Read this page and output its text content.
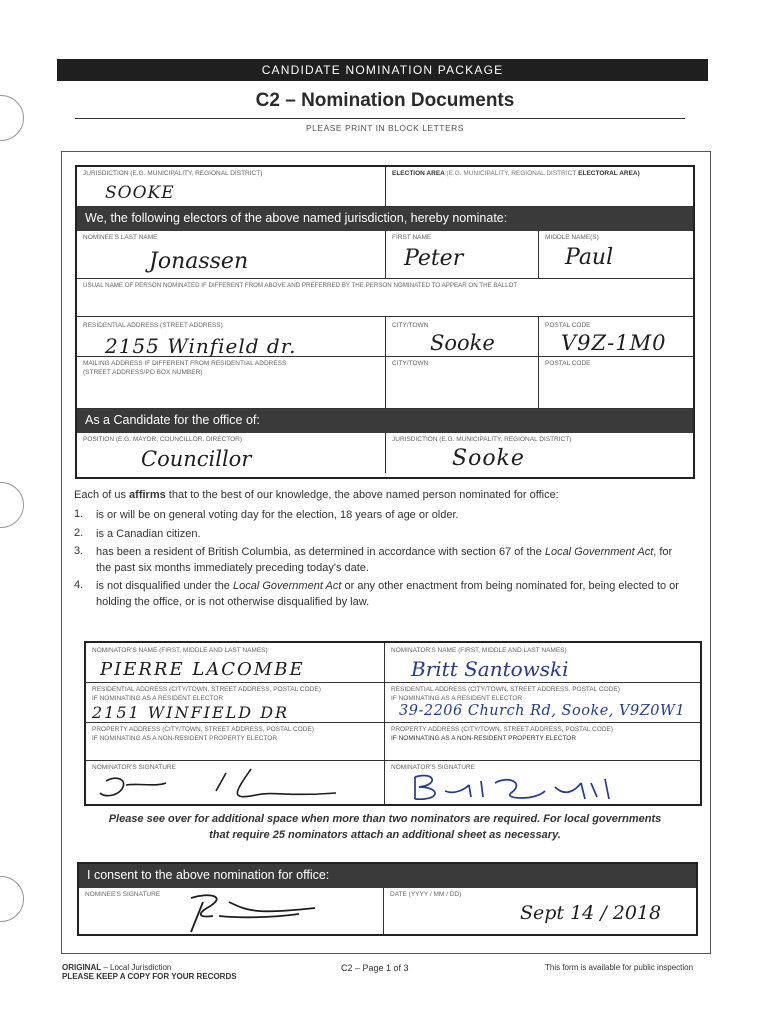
CANDIDATE NOMINATION PACKAGE
C2 – Nomination Documents
PLEASE PRINT IN BLOCK LETTERS
JURISDICTION (E.G. MUNICIPALITY, REGIONAL DISTRICT)
SOOKE
ELECTION AREA (E.G. MUNICIPALITY, REGIONAL DISTRICT ELECTORAL AREA)
We, the following electors of the above named jurisdiction, hereby nominate:
NOMINEE'S LAST NAME
Jonassen
FIRST NAME
Peter
MIDDLE NAME(S)
Paul
USUAL NAME OF PERSON NOMINATED IF DIFFERENT FROM ABOVE AND PREFERRED BY THE PERSON NOMINATED TO APPEAR ON THE BALLOT
RESIDENTIAL ADDRESS (STREET ADDRESS)
2155 Winfield dr.
CITY/TOWN
Sooke
POSTAL CODE
V9Z-1M0
MAILING ADDRESS IF DIFFERENT FROM RESIDENTIAL ADDRESS
(STREET ADDRESS/PO BOX NUMBER)
CITY/TOWN	POSTAL CODE
As a Candidate for the office of:
POSITION (E.G. MAYOR, COUNCILLOR, DIRECTOR)
Councillor
JURISDICTION (E.G. MUNICIPALITY, REGIONAL DISTRICT)
Sooke
Each of us affirms that to the best of our knowledge, the above named person nominated for office:
1. is or will be on general voting day for the election, 18 years of age or older.
2. is a Canadian citizen.
3. has been a resident of British Columbia, as determined in accordance with section 67 of the Local Government Act, for the past six months immediately preceding today's date.
4. is not disqualified under the Local Government Act or any other enactment from being nominated for, being elected to or holding the office, or is not otherwise disqualified by law.
NOMINATOR'S NAME (FIRST, MIDDLE AND LAST NAMES)
PIERRE LACOMBE
RESIDENTIAL ADDRESS (CITY/TOWN, STREET ADDRESS, POSTAL CODE)
IF NOMINATING AS A RESIDENT ELECTOR
2151 WINFIELD DR
PROPERTY ADDRESS (CITY/TOWN, STREET ADDRESS, POSTAL CODE)
IF NOMINATING AS A NON-RESIDENT PROPERTY ELECTOR
NOMINATOR'S SIGNATURE
NOMINATOR'S NAME (FIRST, MIDDLE AND LAST NAMES)
Britt Santowski
RESIDENTIAL ADDRESS (CITY/TOWN, STREET ADDRESS, POSTAL CODE)
IF NOMINATING AS A RESIDENT ELECTOR
39-2206 Church Rd, Sooke, V9Z0W1
PROPERTY ADDRESS (CITY/TOWN, STREET ADDRESS, POSTAL CODE)
IF NOMINATING AS A NON-RESIDENT PROPERTY ELECTOR
NOMINATOR'S SIGNATURE
Please see over for additional space when more than two nominators are required. For local governments
that require 25 nominators attach an additional sheet as necessary.
I consent to the above nomination for office:
NOMINEE'S SIGNATURE	DATE (YYYY / MM / DD)
Sept 14 / 2018
ORIGINAL – Local Jurisdiction
PLEASE KEEP A COPY FOR YOUR RECORDS
C2 – Page 1 of 3	This form is available for public inspection
